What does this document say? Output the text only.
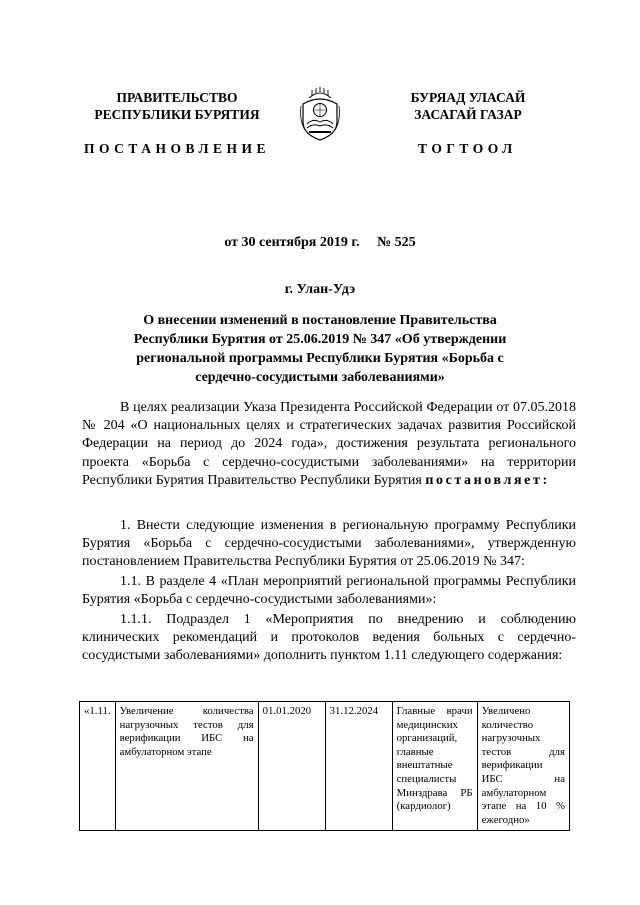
ПРАВИТЕЛЬСТВО
РЕСПУБЛИКИ БУРЯТИЯ
ПОСТАНОВЛЕНИЕ
БУРЯАД УЛАСАЙ
ЗАСАГАЙ ГАЗАР
ТОГТООЛ
от 30 сентября 2019 г.     № 525
г. Улан-Удэ
О внесении изменений в постановление Правительства Республики Бурятия от 25.06.2019 № 347 «Об утверждении региональной программы Республики Бурятия «Борьба с сердечно-сосудистыми заболеваниями»

В целях реализации Указа Президента Российской Федерации от 07.05.2018 № 204 «О национальных целях и стратегических задачах развития Российской Федерации на период до 2024 года», достижения результата регионального проекта «Борьба с сердечно-сосудистыми заболеваниями» на территории Республики Бурятия Правительство Республики Бурятия постановляет:

1. Внести следующие изменения в региональную программу Республики Бурятия «Борьба с сердечно-сосудистыми заболеваниями», утвержденную постановлением Правительства Республики Бурятия от 25.06.2019 № 347:

1.1. В разделе 4 «План мероприятий региональной программы Республики Бурятия «Борьба с сердечно-сосудистыми заболеваниями»:

1.1.1. Подраздел 1 «Мероприятия по внедрению и соблюдению клинических рекомендаций и протоколов ведения больных с сердечно-сосудистыми заболеваниями» дополнить пунктом 1.11 следующего содержания:

«1.11.	Увеличение количества нагрузочных тестов для верификации ИБС на амбулаторном этапе	01.01.2020	31.12.2024	Главные врачи медицинских организаций, главные внештатные специалисты Минздрава РБ (кардиолог)	Увеличено количество нагрузочных тестов для верификации ИБС на амбулаторном этапе на 10 % ежегодно»
